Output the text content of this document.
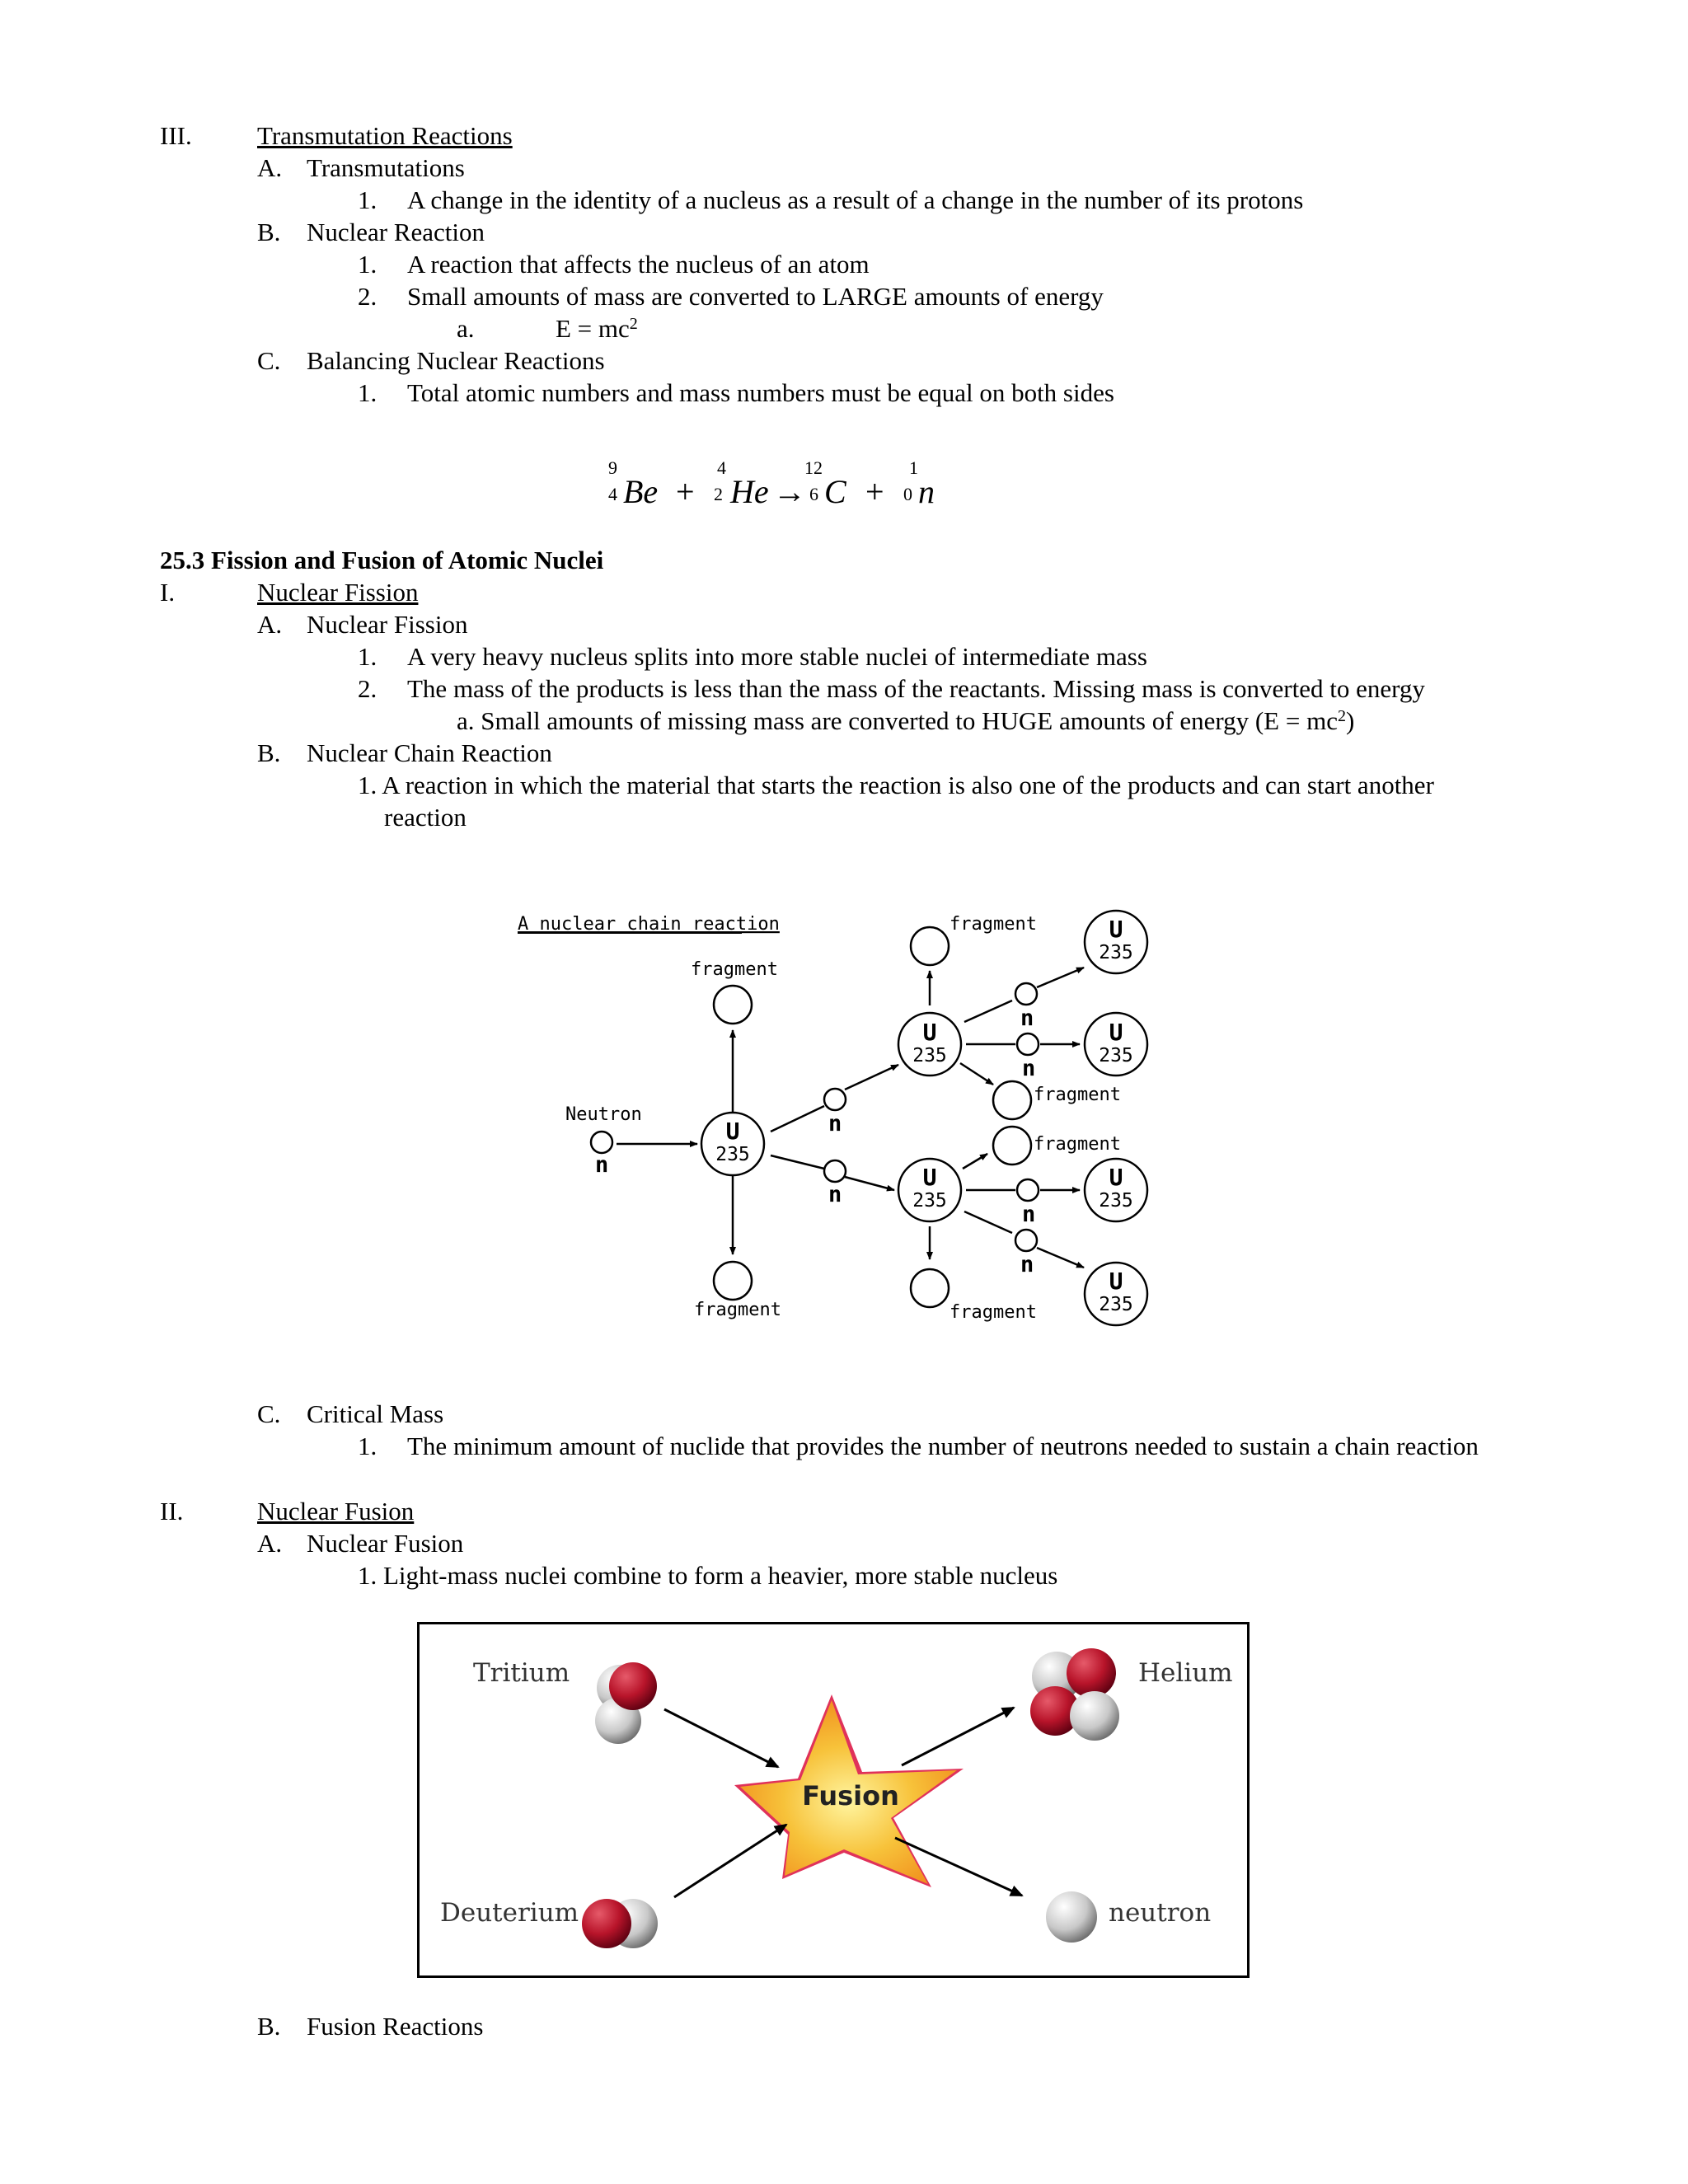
III.	Transmutation Reactions
A. Transmutations
1. A change in the identity of a nucleus as a result of a change in the number of its protons
B. Nuclear Reaction
1. A reaction that affects the nucleus of an atom
2. Small amounts of mass are converted to LARGE amounts of energy
a.	$E = mc^2$
C. Balancing Nuclear Reactions
1. Total atomic numbers and mass numbers must be equal on both sides
9
4 Be +
4
2 He →
12
6 C +
1
0 n
25.3 Fission and Fusion of Atomic Nuclei
I.	Nuclear Fission
A. Nuclear Fission
1. A very heavy nucleus splits into more stable nuclei of intermediate mass
2. The mass of the products is less than the mass of the reactants. Missing mass is converted to energy
a. Small amounts of missing mass are converted to HUGE amounts of energy $(E = mc^2)$
B. Nuclear Chain Reaction
1. A reaction in which the material that starts the reaction is also one of the products and can start another
reaction
A nuclear chain reaction
n
n
n
n
n
n
n
Neutron
fragment
fragment
fragment
fragment
fragment
fragment
U
235
U
235
U
235
U
235
U
235
U
235
U
235
C. Critical Mass
1. The minimum amount of nuclide that provides the number of neutrons needed to sustain a chain reaction
II.	Nuclear Fusion
A. Nuclear Fusion
1. Light-mass nuclei combine to form a heavier, more stable nucleus
Fusion
Tritium
Deuterium
Helium
neutron
B. Fusion Reactions
